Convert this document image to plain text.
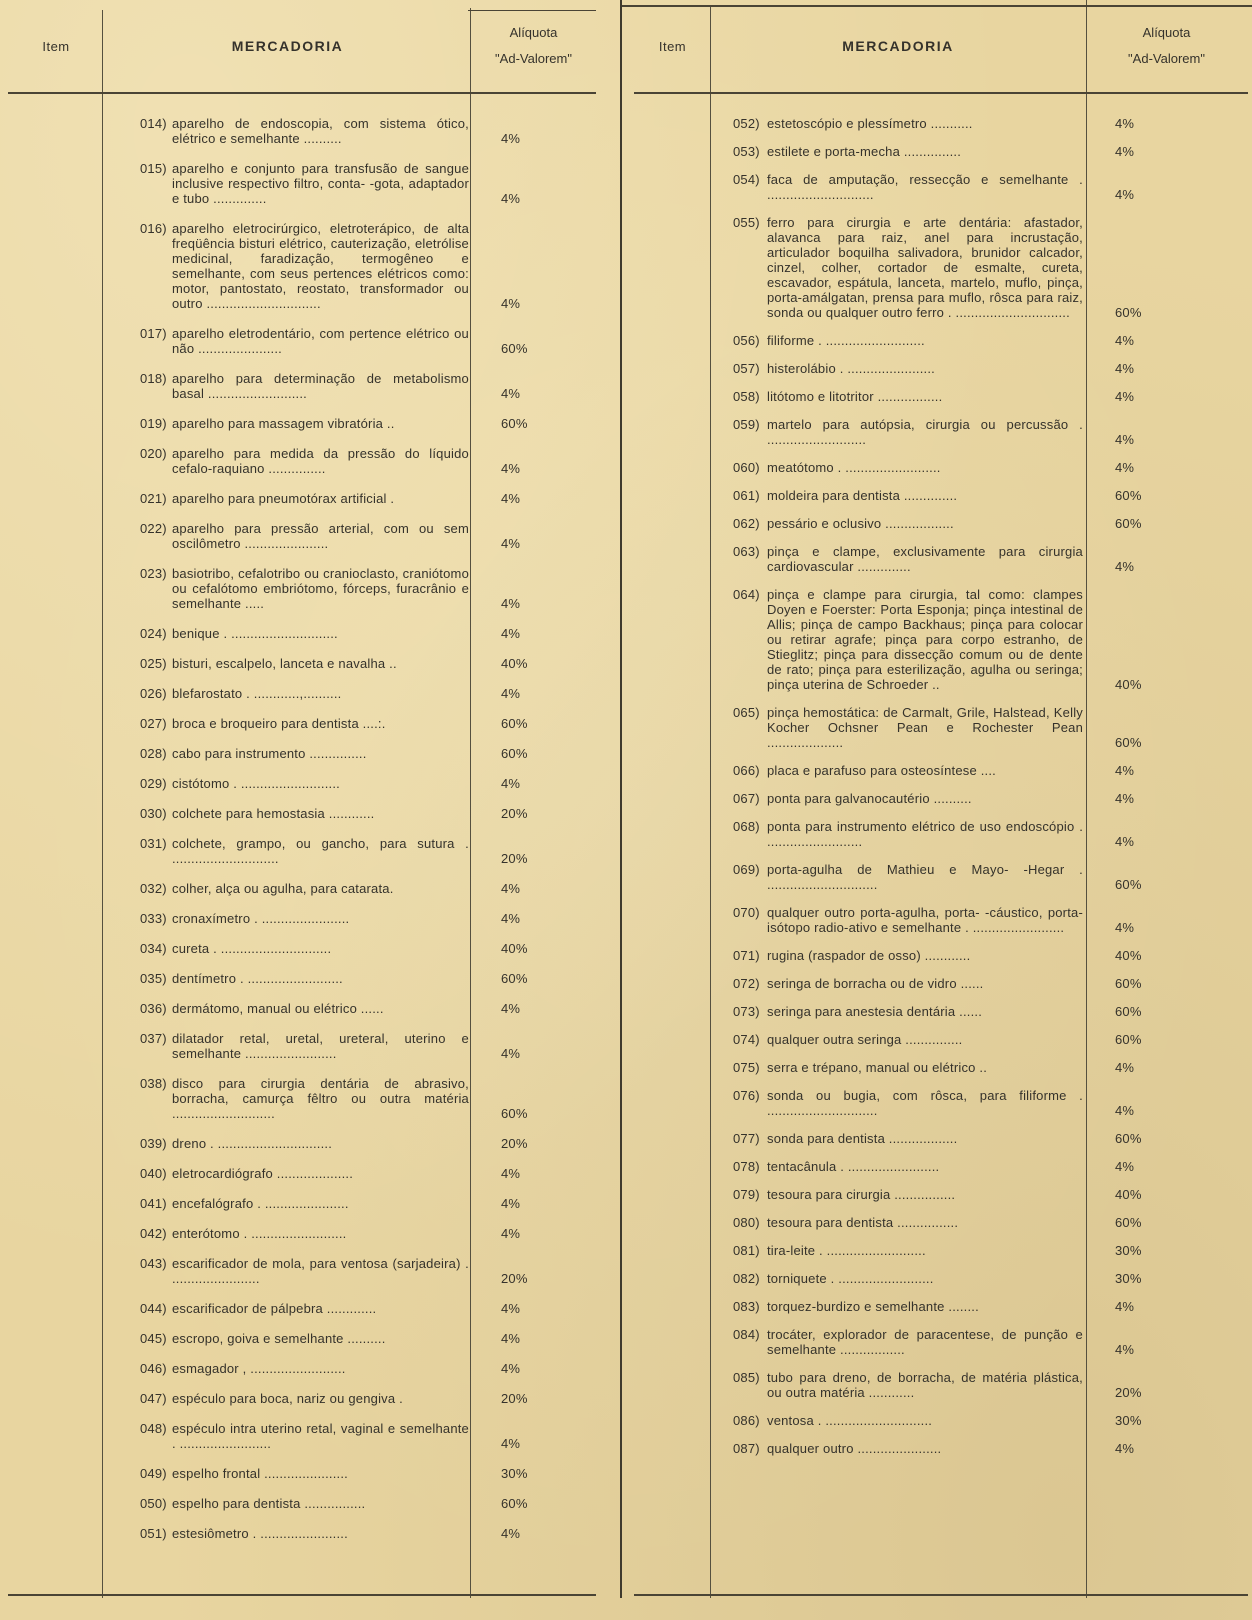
Item	MERCADORIA
Alíquota
"Ad-Valorem"
014) aparelho de endoscopia, com sistema ótico, elétrico e semelhante ..........	4%
015) aparelho e conjunto para transfusão de sangue inclusive respectivo filtro, conta- -gota, adaptador e tubo ..............	4%
016) aparelho eletrocirúrgico, eletroterápico, de alta freqüência bisturi elétrico, cauterização, eletrólise medicinal, faradização, termogêneo e semelhante, com seus pertences elétricos como: motor, pantostato, reostato, transformador ou outro ..............................	4%
017) aparelho eletrodentário, com pertence elétrico ou não ......................	60%
018) aparelho para determinação de metabolismo basal ..........................	4%
019) aparelho para massagem vibratória ..	60%
020) aparelho para medida da pressão do líquido cefalo-raquiano ...............	4%
021) aparelho para pneumotórax artificial .	4%
022) aparelho para pressão arterial, com ou sem oscilômetro ......................	4%
023) basiotribo, cefalotribo ou cranioclasto, craniótomo ou cefalótomo embriótomo, fórceps, furacrânio e semelhante .....	4%
024) benique . ............................	4%
025) bisturi, escalpelo, lanceta e navalha ..	40%
026) blefarostato . ............,..........	4%
027) broca e broqueiro para dentista ....:.	60%
028) cabo para instrumento ...............	60%
029) cistótomo . ..........................	4%
030) colchete para hemostasia ............	20%
031) colchete, grampo, ou gancho, para sutura . ............................	20%
032) colher, alça ou agulha, para catarata.	4%
033) cronaxímetro . .......................	4%
034) cureta . .............................	40%
035) dentímetro . .........................	60%
036) dermátomo, manual ou elétrico ......	4%
037) dilatador retal, uretal, ureteral, uterino e semelhante ........................	4%
038) disco para cirurgia dentária de abrasivo, borracha, camurça fêltro ou outra matéria ...........................	60%
039) dreno . ..............................	20%
040) eletrocardiógrafo ....................	4%
041) encefalógrafo . ......................	4%
042) enterótomo . .........................	4%
043) escarificador de mola, para ventosa (sarjadeira) . .......................	20%
044) escarificador de pálpebra .............	4%
045) escropo, goiva e semelhante ..........	4%
046) esmagador , .........................	4%
047) espéculo para boca, nariz ou gengiva .	20%
048) espéculo intra uterino retal, vaginal e semelhante . ........................	4%
049) espelho frontal ......................	30%
050) espelho para dentista ................	60%
051) estesiômetro . .......................	4%
Item	MERCADORIA
Alíquota
"Ad-Valorem"
052) estetoscópio e plessímetro ...........	4%
053) estilete e porta-mecha ...............	4%
054) faca de amputação, ressecção e semelhante . ............................	4%
055) ferro para cirurgia e arte dentária: afastador, alavanca para raiz, anel para incrustação, articulador boquilha salivadora, brunidor calcador, cinzel, colher, cortador de esmalte, cureta, escavador, espátula, lanceta, martelo, muflo, pinça, porta-amálgatan, prensa para muflo, rôsca para raiz, sonda ou qualquer outro ferro . ..............................	60%
056) filiforme . ..........................	4%
057) histerolábio . .......................	4%
058) litótomo e litotritor .................	4%
059) martelo para autópsia, cirurgia ou percussão . ..........................	4%
060) meatótomo . .........................	4%
061) moldeira para dentista ..............	60%
062) pessário e oclusivo ..................	60%
063) pinça e clampe, exclusivamente para cirurgia cardiovascular ..............	4%
064) pinça e clampe para cirurgia, tal como: clampes Doyen e Foerster: Porta Esponja; pinça intestinal de Allis; pinça de campo Backhaus; pinça para colocar ou retirar agrafe; pinça para corpo estranho, de Stieglitz; pinça para dissecção comum ou de dente de rato; pinça para esterilização, agulha ou seringa; pinça uterina de Schroeder ..	40%
065) pinça hemostática: de Carmalt, Grile, Halstead, Kelly Kocher Ochsner Pean e Rochester Pean ....................	60%
066) placa e parafuso para osteosíntese ....	4%
067) ponta para galvanocautério ..........	4%
068) ponta para instrumento elétrico de uso endoscópio . .........................	4%
069) porta-agulha de Mathieu e Mayo- -Hegar . .............................	60%
070) qualquer outro porta-agulha, porta- -cáustico, porta-isótopo radio-ativo e semelhante . ........................	4%
071) rugina (raspador de osso) ............	40%
072) seringa de borracha ou de vidro ......	60%
073) seringa para anestesia dentária ......	60%
074) qualquer outra seringa ...............	60%
075) serra e trépano, manual ou elétrico ..	4%
076) sonda ou bugia, com rôsca, para filiforme . .............................	4%
077) sonda para dentista ..................	60%
078) tentacânula . ........................	4%
079) tesoura para cirurgia ................	40%
080) tesoura para dentista ................	60%
081) tira-leite . ..........................	30%
082) torniquete . .........................	30%
083) torquez-burdizo e semelhante ........	4%
084) trocáter, explorador de paracentese, de punção e semelhante .................	4%
085) tubo para dreno, de borracha, de matéria plástica, ou outra matéria ............	20%
086) ventosa . ............................	30%
087) qualquer outro ......................	4%
